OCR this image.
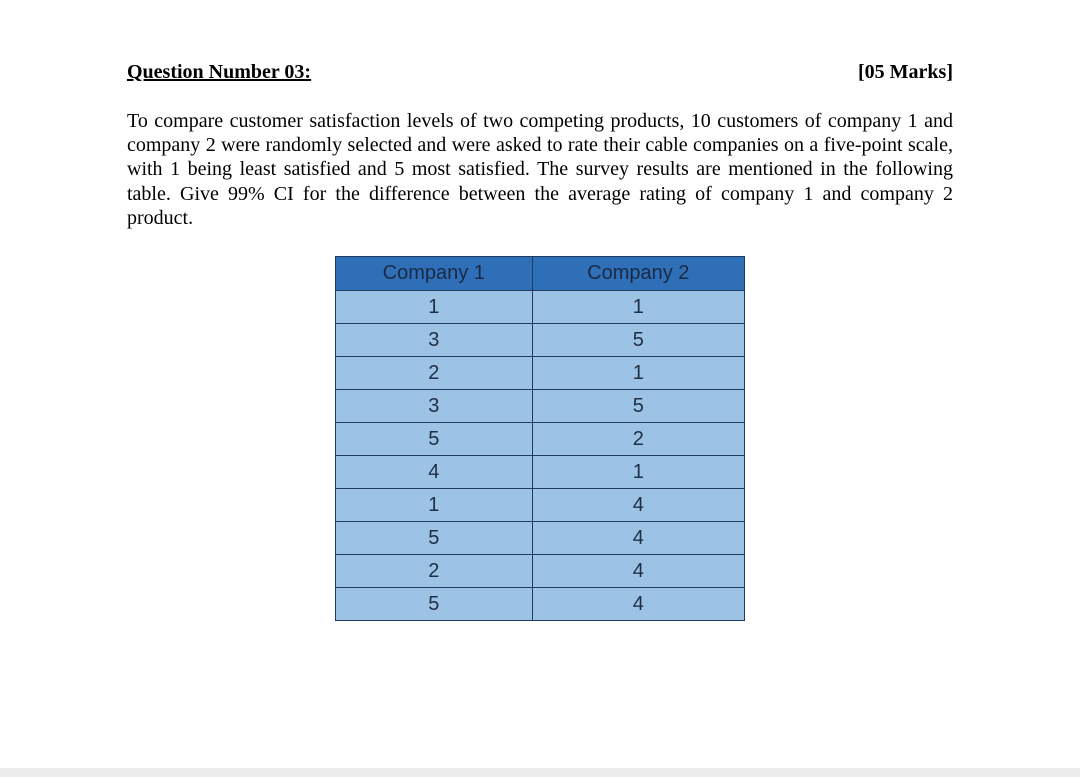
Question Number 03:	[05 Marks]

To compare customer satisfaction levels of two competing products, 10 customers of company 1 and company 2 were randomly selected and were asked to rate their cable companies on a five-point scale, with 1 being least satisfied and 5 most satisfied. The survey results are mentioned in the following table. Give 99% CI for the difference between the average rating of company 1 and company 2 product.

Company 1	Company 2
1	1
3	5
2	1
3	5
5	2
4	1
1	4
5	4
2	4
5	4
